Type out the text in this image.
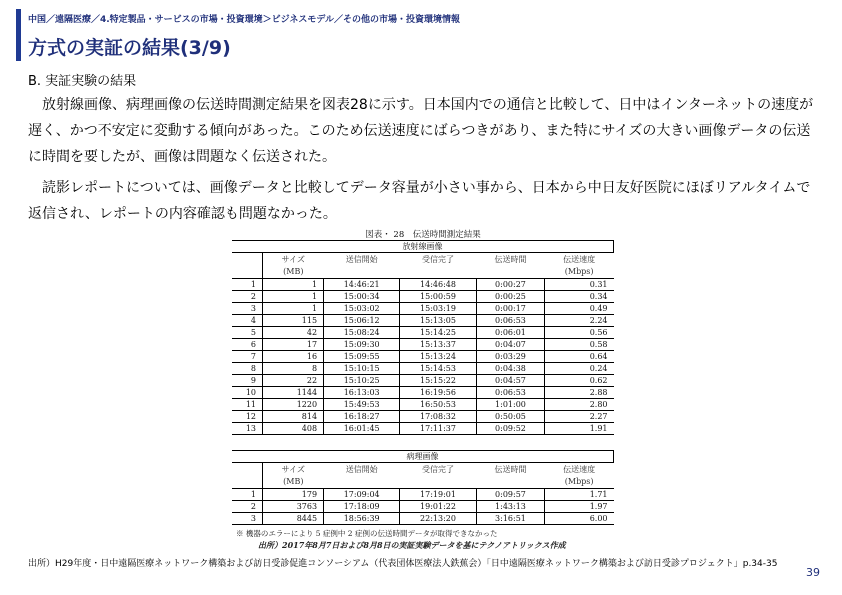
中国／遠隔医療／4.特定製品・サービスの市場・投資環境＞ビジネスモデル／その他の市場・投資環境情報
方式の実証の結果(3/9)
B. 実証実験の結果

放射線画像、病理画像の伝送時間測定結果を図表28に示す。日本国内での通信と比較して、日中はインターネットの速度が遅く、かつ不安定に変動する傾向があった。このため伝送速度にばらつきがあり、また特にサイズの大きい画像データの伝送に時間を要したが、画像は問題なく伝送された。

読影レポートについては、画像データと比較してデータ容量が小さい事から、日本から中日友好医院にほぼリアルタイムで返信され、レポートの内容確認も問題なかった。

図表・ 28　伝送時間測定結果
放射線画像					
	サイズ	送信開始	受信完了	伝送時間	伝送速度
	(MB)				(Mbps)
1	1	14:46:21	14:46:48	0:00:27	0.31
2	1	15:00:34	15:00:59	0:00:25	0.34
3	1	15:03:02	15:03:19	0:00:17	0.49
4	115	15:06:12	15:13:05	0:06:53	2.24
5	42	15:08:24	15:14:25	0:06:01	0.56
6	17	15:09:30	15:13:37	0:04:07	0.58
7	16	15:09:55	15:13:24	0:03:29	0.64
8	8	15:10:15	15:14:53	0:04:38	0.24
9	22	15:10:25	15:15:22	0:04:57	0.62
10	1144	16:13:03	16:19:56	0:06:53	2.88
11	1220	15:49:53	16:50:53	1:01:00	2.80
12	814	16:18:27	17:08:32	0:50:05	2.27
13	408	16:01:45	17:11:37	0:09:52	1.91
病理画像					
	サイズ	送信開始	受信完了	伝送時間	伝送速度
	(MB)				(Mbps)
1	179	17:09:04	17:19:01	0:09:57	1.71
2	3763	17:18:09	19:01:22	1:43:13	1.97
3	8445	18:56:39	22:13:20	3:16:51	6.00
※ 機器のエラーにより 5 症例中 2 症例の伝送時間データが取得できなかった
出所）2017年8月7日および8月8日の実証実験データを基にテクノアトリックス作成
出所）H29年度・日中遠隔医療ネットワーク構築および訪日受診促進コンソーシアム（代表団体医療法人鉄蕉会）「日中遠隔医療ネットワーク構築および訪日受診プロジェクト」p.34-35
39
